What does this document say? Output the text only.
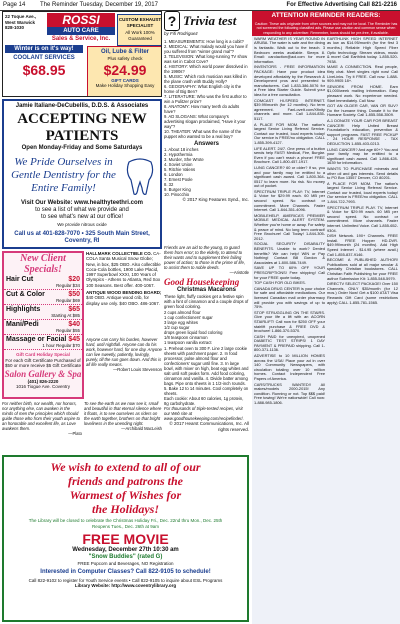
Page 14 The Reminder Tuesday, December 19, 2017	For Effective Advertising Call 821-2216
22 Toque Ave., West Warwick 828-1030
ROSSI
AUTO CARE
Sales & Service, Inc.
CUSTOM EXHAUST SPECIALIST
All Work 100% Guaranteed
Winter is on it's way!
COOLANT SERVICES
$68.95
Oil, Lube & Filter
Plus safety check
$24.99
GIFT CARDS
Make Holiday Shopping Easy
? Trivia test
by Fifi Rodriguez
1. MEASUREMENTS: How long is a cubit?
2. MEDICAL: What malady would you have if you suffered from "winter grand mal"?
3. TELEVISION: What long-running TV show was set in Cabot Cove?
4. HISTORY: Which world power dissolved in the 1990s?
5. MUSIC: Which rock musician was killed in the plane crash with Buddy Holly?
6. GEOGRAPHY: What English city is the home of Big Ben?
7. LITERATURE: Who was the first author to win a Pulitzer prize?
8. ANATOMY: How many teeth do adults have?
9. AD SLOGANS: What company's advertising slogan proclaimed, "Have it your way"?
10. THEATER: What was the name of the puppet who wanted to be a real boy?
Answers
1. About 18 inches
2. Hypothermia
3. Murder, She Wrote
4. Soviet Union
5. Ritchie Valens
6. London
7. Ernest Poole
8. 32
9. Burger King
10. Pinocchio
© 2017 King Features Synd., Inc.
Jamie Italiane-DeCubellis, D.D.S. & Associates
ACCEPTING NEW PATIENTS
Open Monday-Friday and Some Saturdays
We Pride Ourselves in
Gentle Dentistry for the
Entire Family!
Visit Our Website: www.healthyteethri.com
to see a list of what we provide and
to see what's new at our office!
We provide nitrous oxide
Call us at 401-828-7070 • 325 South Main Street, Coventry, RI
New Client Specials!
Hair Cut	$20
Regular $34
Cut & Color	$50
Regular $69
Highlights	$65
Starting At $85
Mani/Pedi	$40
Regular $55
Massage or Facial $45
1 hour Regular $70
Gift Card Holiday Special
For each Gift Certificate Purchased of $50 or more receive $5 Gift Certificate
Salon Gallery & Spa
(401) 826-2220
1016 Tiogue Ave. Coventry
HALLMARK COLLECTIBLE CO. CA-COLA Santa Musical Snow Globe; New, in box, $25 OBO. Also collectible Coca-Cola bottles, 1900 Lake Placid, 1997 Superbowl XXXI, 100 Years of Olympics - Athens to Atlanta, Red Sox 100 Seasons. Best offer. 400-1067.
ANTIQUE WOOD BENDING BOARD; $40 OBO. Antique wood crib, for display use only. $40 OBO. 486-1067.
Anyone can carry his burden, however hard, until nightfall. Anyone can do his work, however hard, for one day. Anyone can live sweetly, patiently, lovingly, purely, till the sun goes down. And this is all life really means.
—Robert Louis Stevenson
Friends are an aid to the young, to guard them from error; to the elderly, to attend to their wants and to supplement their failing power of action; to those in the prime of life, to assist them to noble deeds.
—Aristotle
Good Housekeeping
Christmas Macarons
These light, fluffy cookies get a festive spin with a hint of cinnamon and a couple drops of green food coloring.
2 cups almond flour
1 cup confectioners' sugar
3 large egg whites
1/2 cup sugar
drops green liquid food coloring
1/8 teaspoon cinnamon
1 teaspoon vanilla extract
1. Preheat oven to 300 F. Line 2 large cookie sheets with parchment paper. 2. In food processor, pulse almond flour and confectioners' sugar until fine. 3. In large bowl, with mixer on high, beat egg whites and salt until soft peaks form. Add food coloring, cinnamon and vanilla. 4. Divide batter among bags. Pipe onto sheets in 1 1/2-inch rounds. 5. Bake 12 to 14 minutes. Cool completely on sheets.
Each cookie: About 60 calories, 1g protein, 8g carbohydrate.
For thousands of triple-tested recipes, visit our Web site at www.goodhousekeeping.com/recipefinder/.
© 2017 Hearst Communications, Inc. All rights reserved.
For neither birth, nor wealth, nor honors, nor anything else, can awaken in the minds of men the principles which should guide those who from their youth aspire to an honorable and excellent life, as Love awakens them.
—Plato
To see the earth as we now see it, small and beautiful in that eternal silence where it floats, is to see ourselves as riders on the earth together, brothers on that bright loveliness in the unending night.
—Archibald MacLeish
We wish to extend to all of our
friends and patrons the
Warmest of Wishes for
the Holidays!
The Library will be closed to celebrate the Christmas Holiday Fri., Dec. 22nd thru Mon., Dec. 25th Reopens Tues., Dec. 26th at 9am
FREE MOVIE
Wednesday, December 27th 10:30 am
"Snow Buddies" (rated G)
FREE Popcorn and Beverages, NO Registration
Interested in Computer Classes? Call 822-9105 to schedule!
Call 822-9102 to register for Youth Service events • Call 822-9105 to inquire about ESL Programs
Library Website: http://www.coventrylibrary.org
ATTENTION REMINDER READERS:
Caution: These ads originate from other sources and may not be local. The Reminder has not screened the following classified ads. Please use caution and common sense when responding to any advertiser. Remember, loans should be pre-free, if available.

WARM WEATHER IS YEAR ROUND IN ARUBA. The water is safe and the dining is fantastic. Walk out to the beach. 3 Bedroom weeks available. Sleeps 8. Email: carolaction@aol.com for more information.

INVENTORS - FREE INFORMATION PACKAGE: Have your product idea developed affordably by the Research & Development pros and presented to manufacturers. Call 1-833-386-5076 for a Free Idea Starter Guide. Submit your idea for a free consultation.

COMCAST HI-SPEED INTERNET. $39.99/month (for 12 months). No term agreement. FanLoveIt.com/Xfinity channels and more. Call 1-844-835-5117.

A PLACE FOR MOM. The nation's largest Senior Living Referral Service. Contact our trusted, local experts today! Our service is FREE/no obligation. CALL 1-855-399-4127.

LIFE ALERT. 24/7. One press of a button sends help FAST! Medical, Fire, Burglar. Even if you can't reach a phone! FREE Brochure. Call 1-800-457-1917.

LUNG CANCER? 60 or older? If so, you and your family may be entitled to a significant cash award. Call 1-800-364-0517 to learn more. No risk. No money out of pocket.

SPECTRUM TRIPLE PLAY: TV, Internet & Voice for $29.99 each. 60 MB per second speed. No contract or commitment. More Channels. Faster Internet. Call 1-844-351-4096.

MOBILEHELP, AMERICA'S PREMIER MOBILE MEDICAL ALERT SYSTEM. Whether you're home or away. For safety & peace of mind. No long term contract! Free Brochure! Call Today! 1-844-305-2012.

SOCIAL SECURITY DISABILITY BENEFITS. Unable to work? Denied benefits? We can help! WIN or Pay Nothing! Contact Bill Gordon & Associates at 1-800-586-7449.

SAVE UP TO 60% OFF YOUR PRESCRIPTIONS! Free shipping! Call for your FREE quote today.

TOP CASH FOR OLD BIKES.

CANADA DRUG CENTER is your choice for safe and affordable medications. Our licensed Canadian mail order pharmacy will provide you with savings of up to 75%.

STOP STRUGGLING ON THE STAIRS. Give your life a lift with an ACORN STAIRLIFT! Call now for $250 OFF your stairlift purchase & FREE DVD & brochure! 1-866-370-5370.

CASH PAID for unexpired, unopened DIABETIC TEST STRIPS! 1 DAY PAYMENT & PREPAID shipping. Call 1-800-371-1136.

ADVERTISE to 10 MILLION HOMES across the USA! Place your ad in over 140 Community Newspapers, with circulation totaling over 10 million homes. Contact Independent Free Papers of America.

CARS/TRUCKS WANTED!! All makes/models 2000-2015! Any condition. Running or not. Top $$$ paid! Free towing! We're nationwide! Call now: 1-888-985-1806.

EARTHLINK HIGH SPEED INTERNET as low as $14.95/month (for the first 3 months.) Reliable High Speed Fiber Optic technology. Stream videos, music & more! Call Earthlink today. 1-855-520-7938.

MAKE A CONNECTION. Real people, flirty chat. Meet singles right now! Call LiveLinks. Try it FREE. Call now. 1-888-909-9905 18+.

SEWORK FROM HOME. Earn $1,000/week mailing information. Easy pleasant work. No experience needed. Start immediately. Call Now.

GOT AN OLDER CAR, VAN OR SUV? Do the humane thing. Donate it to the Humane Society. Call 1-855-558-3509.

A-1 DONATE YOUR CAR FOR BREAST CANCER! Help United Breast Foundation's education, prevention & support programs. FAST FREE PICKUP - 24 HOUR RESPONSE - TAX DEDUCTION 1-855-403-0213.

LUNG CANCER? And age 60+? You and your family may be entitled to a significant cash award. Call 1-866-428-1639 for information.

WANTS TO PURCHASE minerals and other oil and gas interests. Send details to PO Box 13557 Denver, CO 80201.

A PLACE FOR MOM. The nation's largest Senior Living Referral Service. Contact our trusted, local experts today! Our service is FREE/no obligation. CALL 1-844-722-7993.

SPECTRUM TRIPLE PLAY. TV, Internet & Voice for $29.99 each. 60 MB per second speed. No contract or commitment. More channels. Faster internet. Unlimited Voice. Call 1-855-652-9304.

DISH Network. 190+ Channels. FREE Install. FREE Hopper HD-DVR. $49.99/month (24 months). Add High Speed Internet - $14.95 (where avail.) Call 1-855-837-9146.

BECOME A PUBLISHED AUTHOR! Publications sold at all major secular & specialty Christian bookstores. CALL Christian Faith Publishing for your FREE author Submission Kit: 1-855-548-5979.

DIRECTV SELECT PACKAGE! Over 150 Channels, ONLY $35/month (for 12 mos.) Order Now! Get a $100 AT&T Visa Rewards Gift Card (some restrictions apply) CALL 1-855-781-1565.
